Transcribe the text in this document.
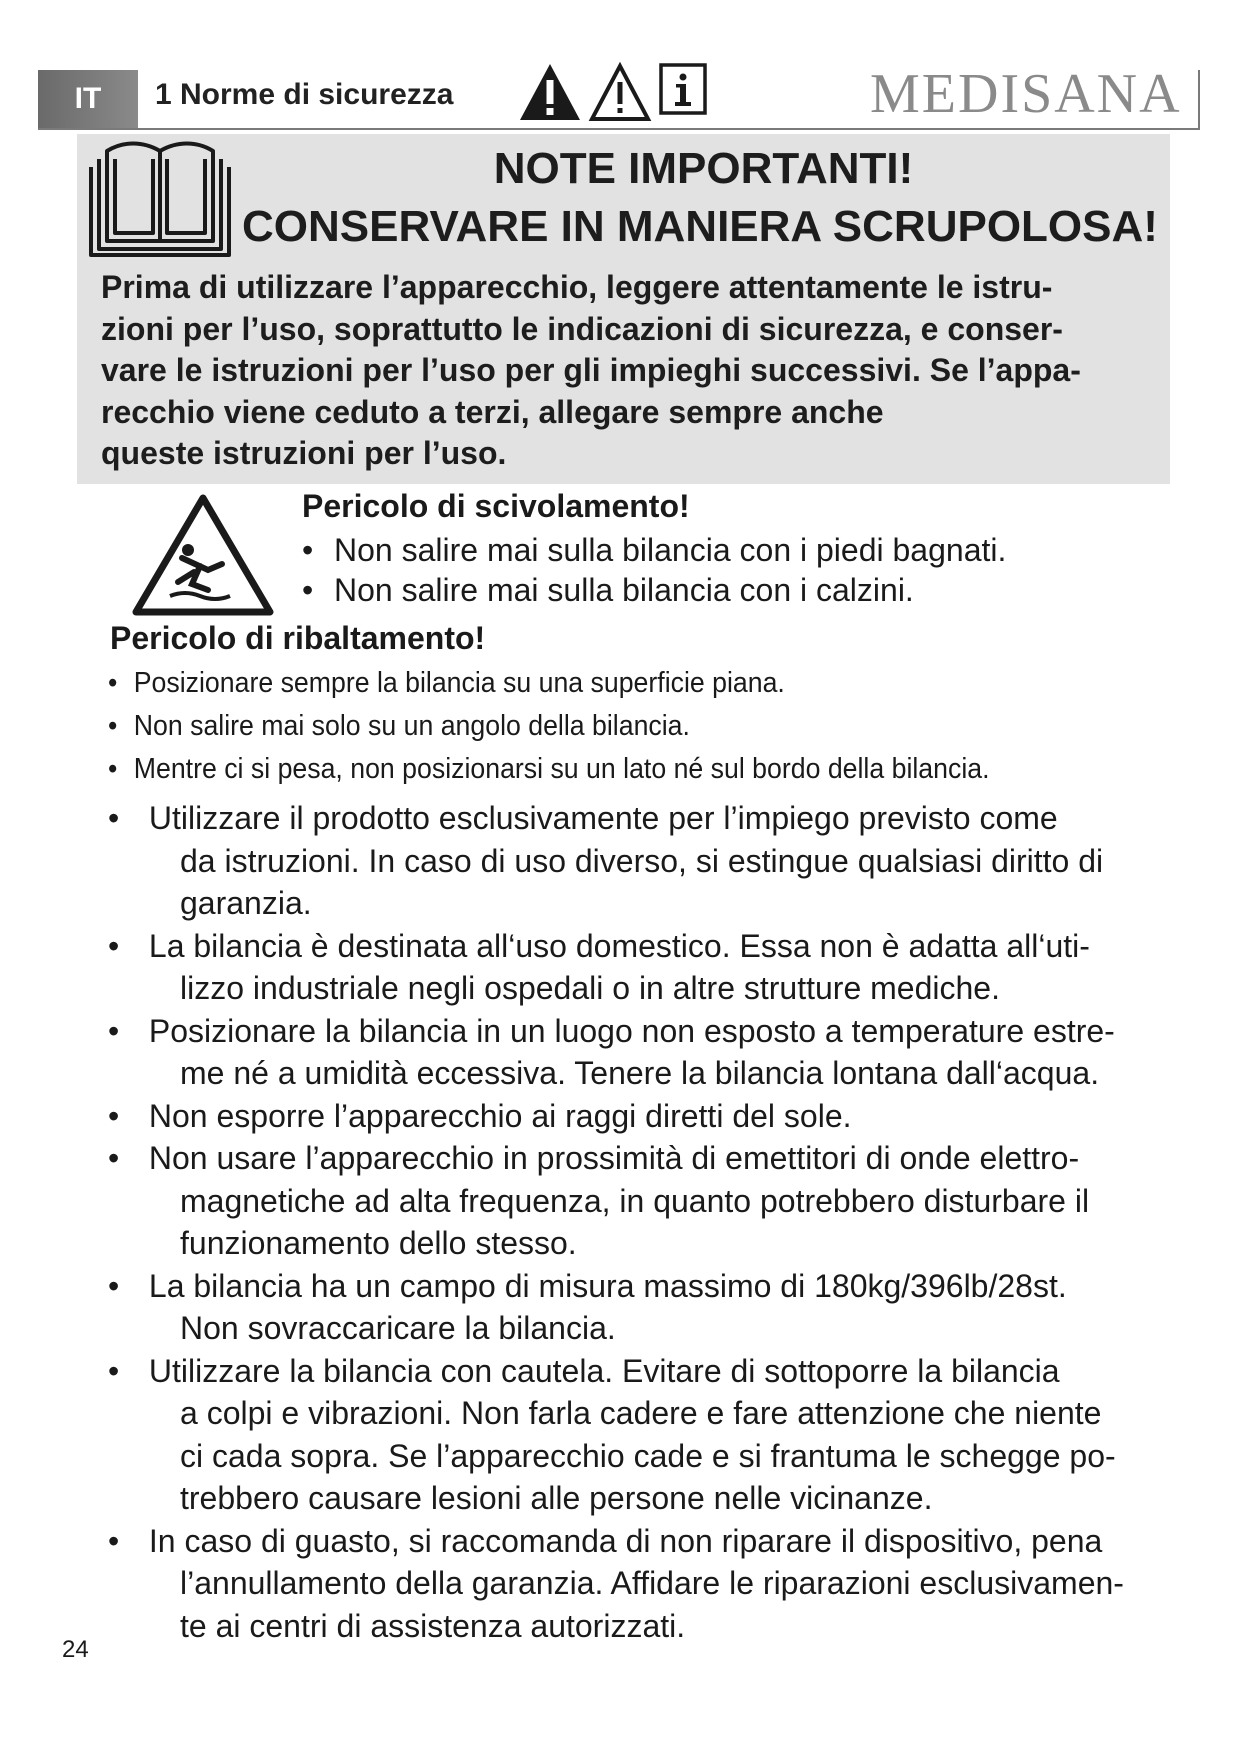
IT	1 Norme di sicurezza	MEDISANA
NOTE IMPORTANTI!
CONSERVARE IN MANIERA SCRUPOLOSA!
Prima di utilizzare l’apparecchio, leggere attentamente le istru-
zioni per l’uso, soprattutto le indicazioni di sicurezza, e conser-
vare le istruzioni per l’uso per gli impieghi successivi. Se l’appa-
recchio viene ceduto a terzi, allegare sempre anche
queste istruzioni per l’uso.
Pericolo di scivolamento!
• Non salire mai sulla bilancia con i piedi bagnati.
• Non salire mai sulla bilancia con i calzini.
Pericolo di ribaltamento!
• Posizionare sempre la bilancia su una superficie piana.
• Non salire mai solo su un angolo della bilancia.
• Mentre ci si pesa, non posizionarsi su un lato né sul bordo della bilancia.
• Utilizzare il prodotto esclusivamente per l’impiego previsto come
da istruzioni. In caso di uso diverso, si estingue qualsiasi diritto di
garanzia.
• La bilancia è destinata all‘uso domestico. Essa non è adatta all‘uti-
lizzo industriale negli ospedali o in altre strutture mediche.
• Posizionare la bilancia in un luogo non esposto a temperature estre-
me né a umidità eccessiva. Tenere la bilancia lontana dall‘acqua.
• Non esporre l’apparecchio ai raggi diretti del sole.
• Non usare l’apparecchio in prossimità di emettitori di onde elettro-
magnetiche ad alta frequenza, in quanto potrebbero disturbare il
funzionamento dello stesso.
• La bilancia ha un campo di misura massimo di 180kg/396lb/28st.
Non sovraccaricare la bilancia.
• Utilizzare la bilancia con cautela. Evitare di sottoporre la bilancia
a colpi e vibrazioni. Non farla cadere e fare attenzione che niente
ci cada sopra. Se l’apparecchio cade e si frantuma le schegge po-
trebbero causare lesioni alle persone nelle vicinanze.
• In caso di guasto, si raccomanda di non riparare il dispositivo, pena
l’annullamento della garanzia. Affidare le riparazioni esclusivamen-
te ai centri di assistenza autorizzati.
24
